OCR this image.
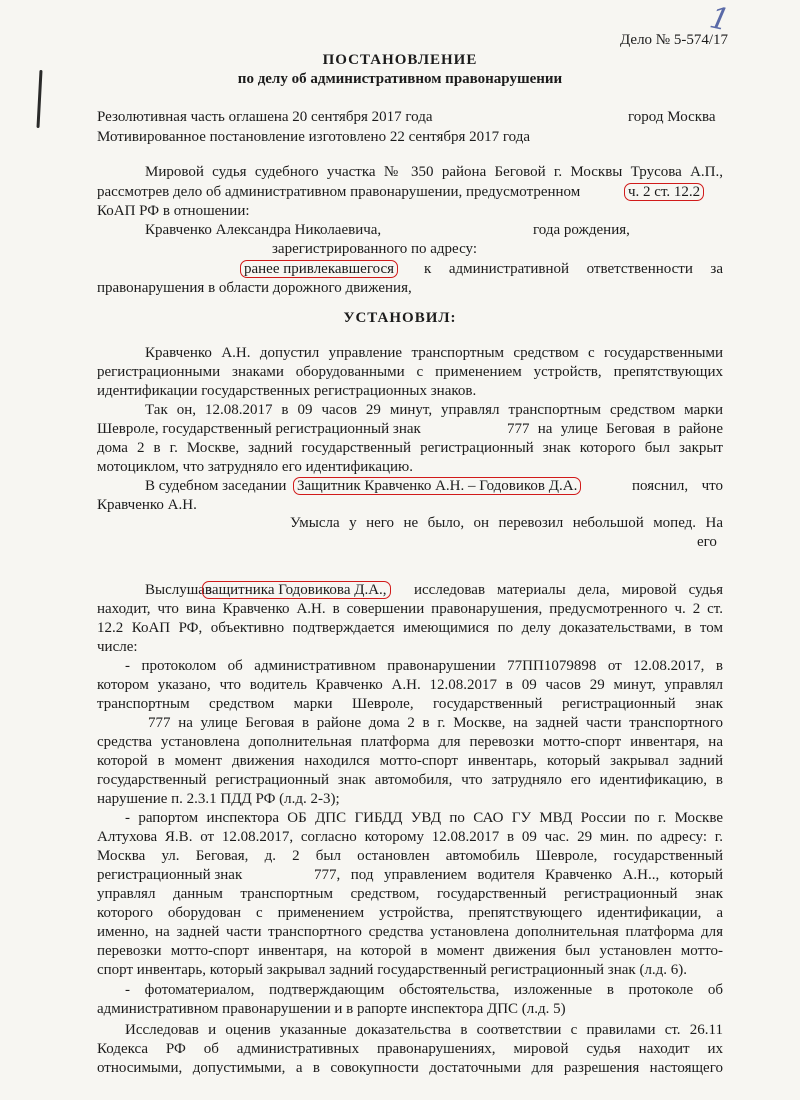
1
Дело № 5-574/17
ПОСТАНОВЛЕНИЕ
по делу об административном правонарушении
Резолютивная часть оглашена 20 сентября 2017 года	город Москва
Мотивированное постановление изготовлено 22 сентября 2017 года
Мировой судья судебного участка № 350 района Беговой г. Москвы Трусова А.П.,
рассмотрев дело об административном правонарушении, предусмотренном	ч. 2 ст. 12.2
КоАП РФ в отношении:
Кравченко Александра Николаевича,	года рождения,
зарегистрированного по адресу:
ранее привлекавшегося к административной ответственности за
правонарушения в области дорожного движения,
УСТАНОВИЛ:
Кравченко А.Н. допустил управление транспортным средством с государственными
регистрационными знаками оборудованными с применением устройств, препятствующих
идентификации государственных регистрационных знаков.
Так он, 12.08.2017 в 09 часов 29 минут, управлял транспортным средством марки
Шевроле, государственный регистрационный знак	777 на улице Беговая в районе
дома 2 в г. Москве, задний государственный регистрационный знак которого был закрыт
мотоциклом, что затрудняло его идентификацию.
В судебном заседании Защитник Кравченко А.Н. – Годовиков Д.А.	пояснил, что
Кравченко А.Н.
Умысла у него не было, он перевозил небольшой мопед. На
его
Выслушав
защитника Годовикова Д.А., исследовав материалы дела, мировой судья
находит, что вина Кравченко А.Н. в совершении правонарушения, предусмотренного ч. 2 ст.
12.2 КоАП РФ, объективно подтверждается имеющимися по делу доказательствами, в том
числе:
- протоколом об административном правонарушении 77ПП1079898 от 12.08.2017, в
котором указано, что водитель Кравченко А.Н. 12.08.2017 в 09 часов 29 минут, управлял
транспортным средством марки Шевроле, государственный регистрационный знак
777 на улице Беговая в районе дома 2 в г. Москве, на задней части транспортного
средства установлена дополнительная платформа для перевозки мотто-спорт инвентаря, на
которой в момент движения находился мотто-спорт инвентарь, который закрывал задний
государственный регистрационный знак автомобиля, что затрудняло его идентификацию, в
нарушение п. 2.3.1 ПДД РФ (л.д. 2-3);
- рапортом инспектора ОБ ДПС ГИБДД УВД по САО ГУ МВД России по г. Москве
Алтухова Я.В. от 12.08.2017, согласно которому 12.08.2017 в 09 час. 29 мин. по адресу: г.
Москва ул. Беговая, д. 2 был остановлен автомобиль Шевроле, государственный
регистрационный знак	777, под управлением водителя Кравченко А.Н.., который
управлял данным транспортным средством, государственный регистрационный знак
которого оборудован с применением устройства, препятствующего идентификации, а
именно, на задней части транспортного средства установлена дополнительная платформа для
перевозки мотто-спорт инвентаря, на которой в момент движения был установлен мотто-
спорт инвентарь, который закрывал задний государственный регистрационный знак (л.д. 6).
- фотоматериалом, подтверждающим обстоятельства, изложенные в протоколе об
административном правонарушении и в рапорте инспектора ДПС (л.д. 5)
Исследовав и оценив указанные доказательства в соответствии с правилами ст. 26.11
Кодекса РФ об административных правонарушениях, мировой судья находит их
относимыми, допустимыми, а в совокупности достаточными для разрешения настоящего
